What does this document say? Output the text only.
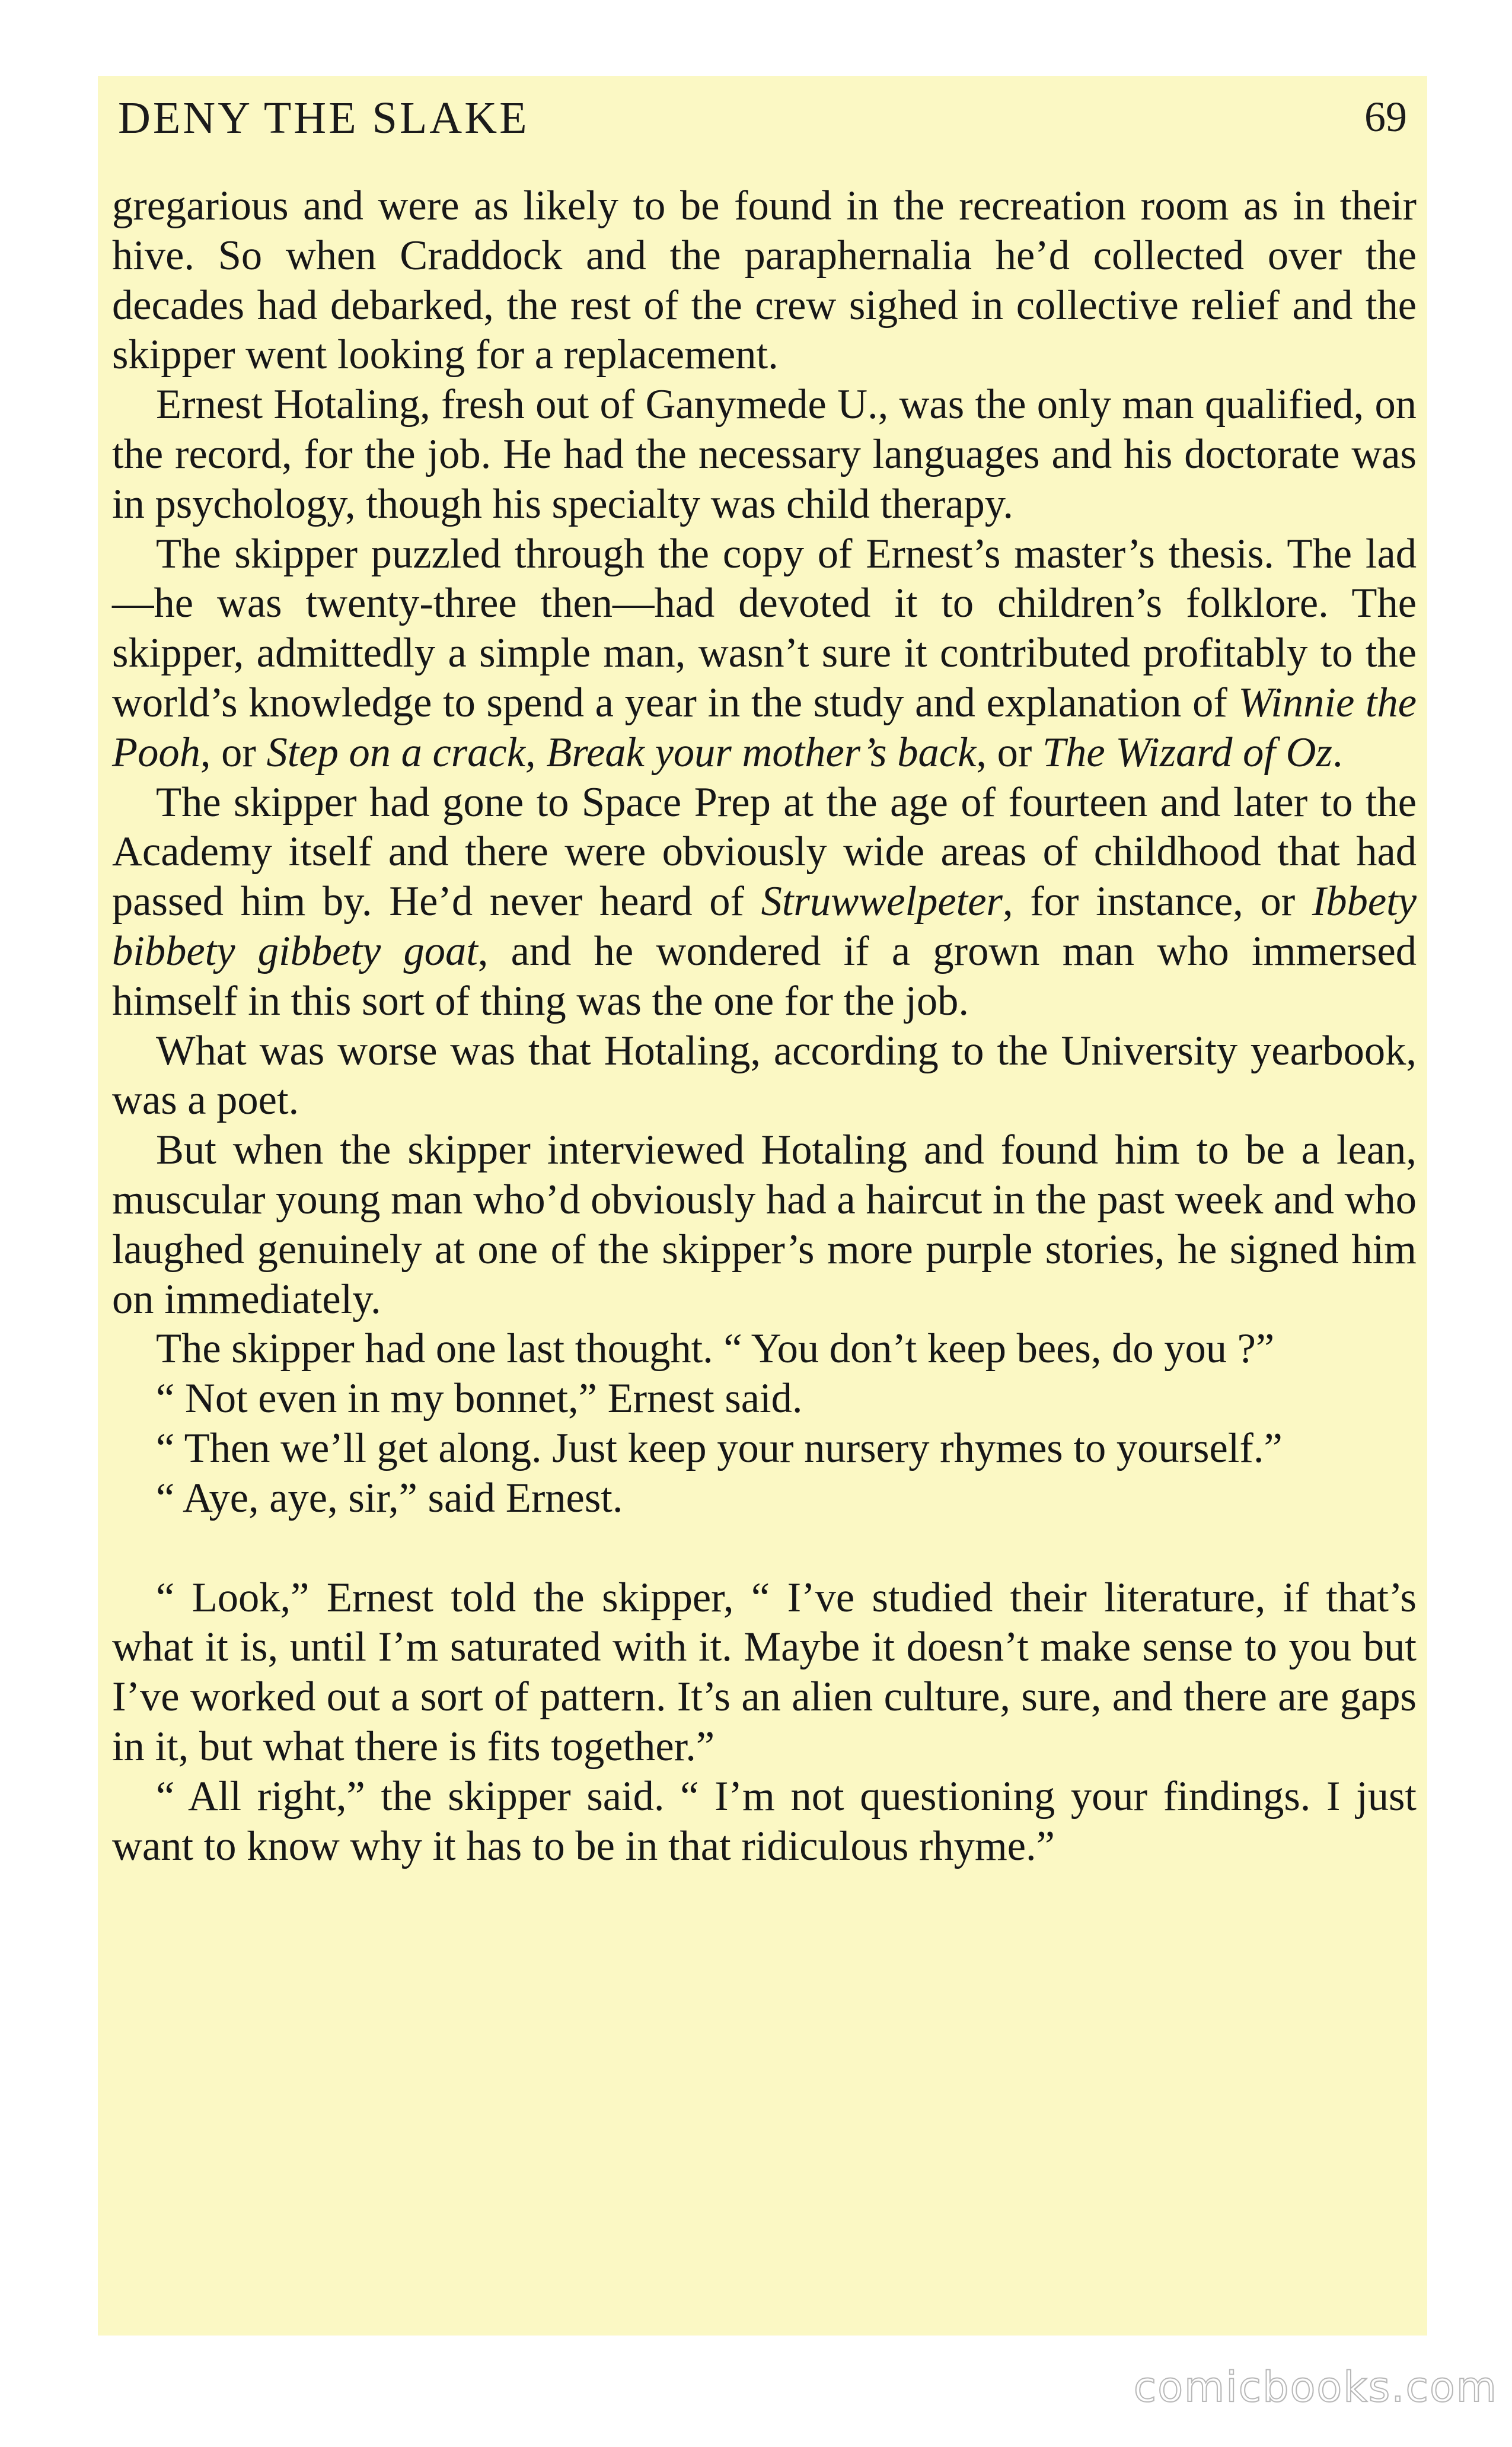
DENY THE SLAKE	69

gregarious and were as likely to be found in the recreation room as in their hive. So when Craddock and the paraphernalia he’d collected over the decades had debarked, the rest of the crew sighed in collective relief and the skipper went looking for a replacement.

Ernest Hotaling, fresh out of Ganymede U., was the only man qualified, on the record, for the job. He had the necessary languages and his doctorate was in psychology, though his specialty was child therapy.

The skipper puzzled through the copy of Ernest’s master’s thesis. The lad—he was twenty-three then—had devoted it to children’s folklore. The skipper, admittedly a simple man, wasn’t sure it contributed profitably to the world’s knowledge to spend a year in the study and explanation of Winnie the Pooh, or Step on a crack, Break your mother’s back, or The Wizard of Oz.

The skipper had gone to Space Prep at the age of fourteen and later to the Academy itself and there were obviously wide areas of childhood that had passed him by. He’d never heard of Struwwelpeter, for instance, or Ibbety bibbety gibbety goat, and he wondered if a grown man who immersed himself in this sort of thing was the one for the job.

What was worse was that Hotaling, according to the University yearbook, was a poet.

But when the skipper interviewed Hotaling and found him to be a lean, muscular young man who’d obviously had a haircut in the past week and who laughed genuinely at one of the skipper’s more purple stories, he signed him on immediately.

The skipper had one last thought. “ You don’t keep bees, do you ?”

“ Not even in my bonnet,” Ernest said.

“ Then we’ll get along. Just keep your nursery rhymes to yourself.”

“ Aye, aye, sir,” said Ernest.

“ Look,” Ernest told the skipper, “ I’ve studied their literature, if that’s what it is, until I’m saturated with it. Maybe it doesn’t make sense to you but I’ve worked out a sort of pattern. It’s an alien culture, sure, and there are gaps in it, but what there is fits together.”

“ All right,” the skipper said. “ I’m not questioning your findings. I just want to know why it has to be in that ridiculous rhyme.”

comicbooks.com
